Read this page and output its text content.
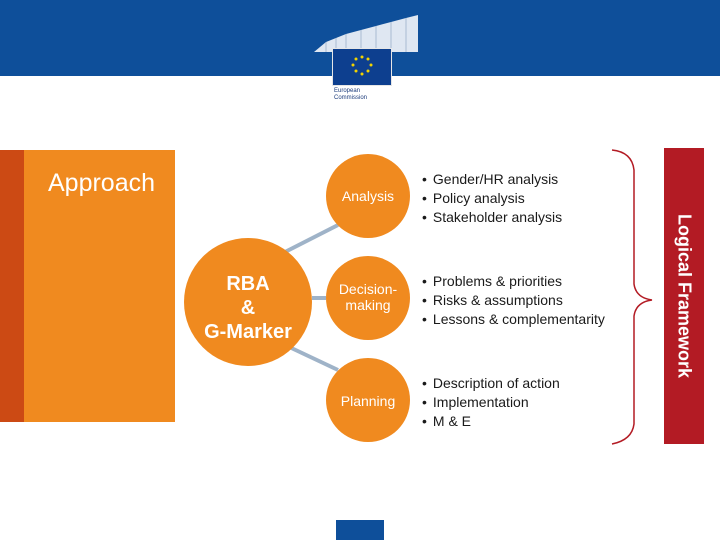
European
Commission
Approach
RBA
&
G-Marker
Analysis
Decision-
making
Planning
• Gender/HR analysis
• Policy analysis
• Stakeholder analysis
• Problems & priorities
• Risks & assumptions
• Lessons & complementarity
• Description of action
• Implementation
• M & E
Logical Framework
